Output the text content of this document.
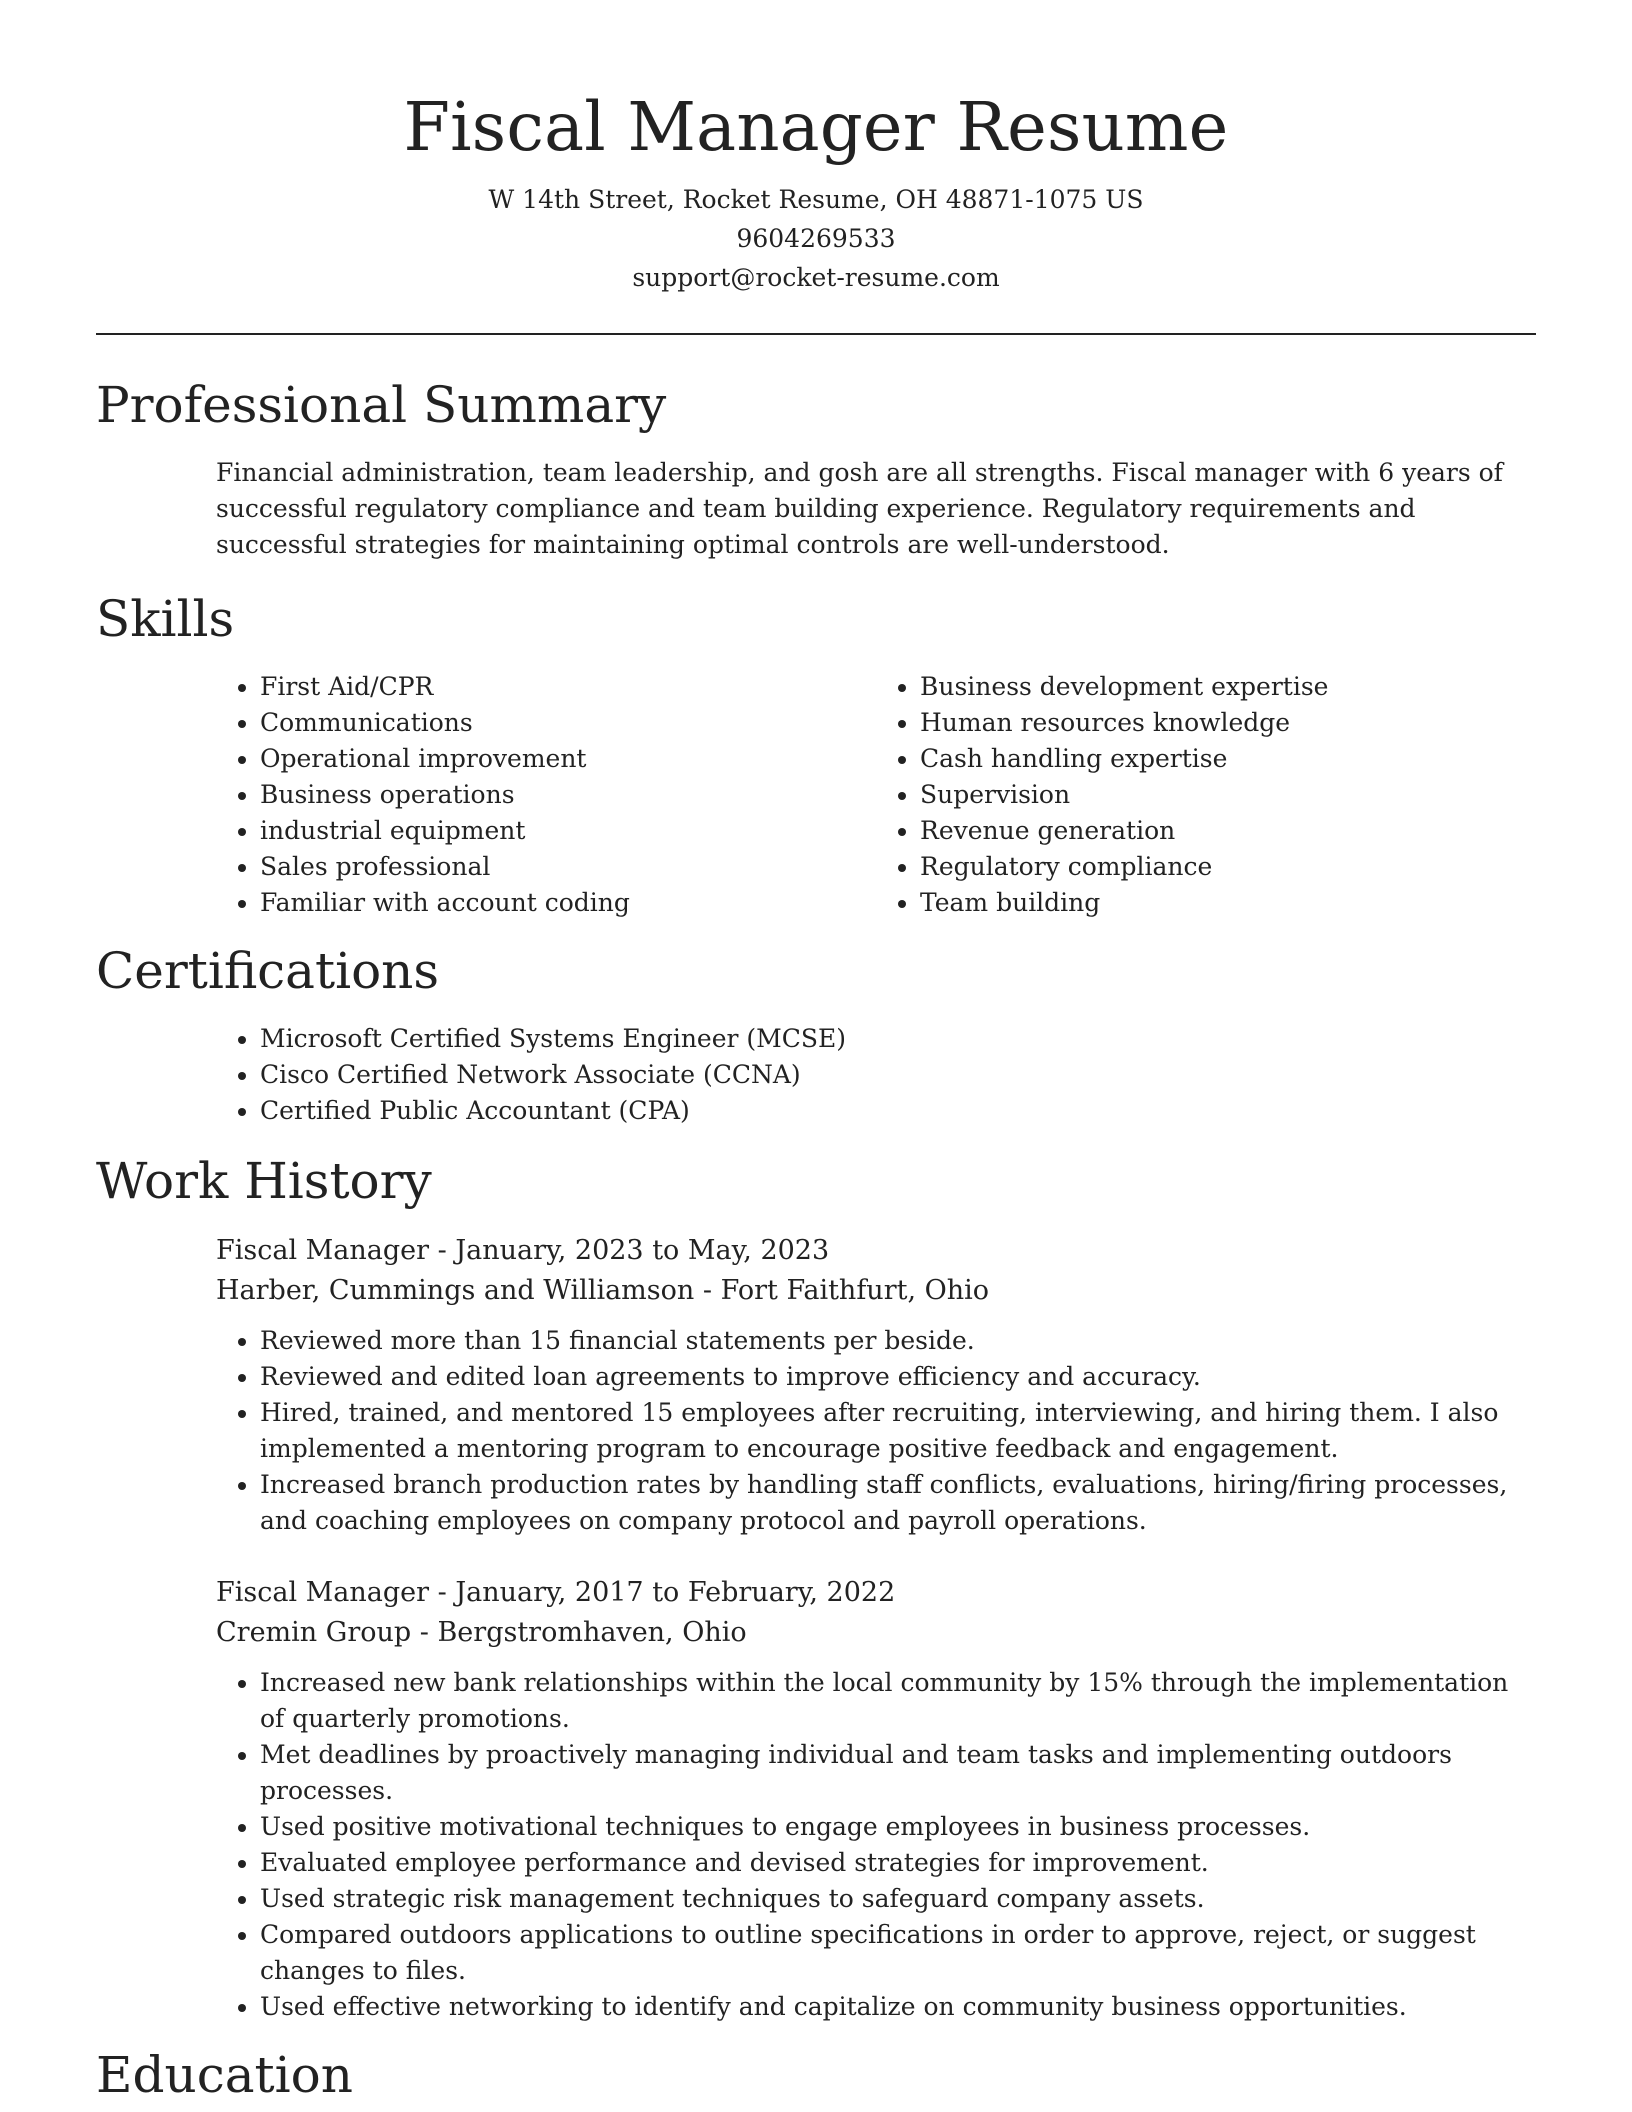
Fiscal Manager Resume
W 14th Street, Rocket Resume, OH 48871-1075 US
9604269533
support@rocket-resume.com
Professional Summary

Financial administration, team leadership, and gosh are all strengths. Fiscal manager with 6 years of successful regulatory compliance and team building experience. Regulatory requirements and successful strategies for maintaining optimal controls are well-understood.

Skills
• First Aid/CPR
• Communications
• Operational improvement
• Business operations
• industrial equipment
• Sales professional
• Familiar with account coding
• Business development expertise
• Human resources knowledge
• Cash handling expertise
• Supervision
• Revenue generation
• Regulatory compliance
• Team building
Certifications
• Microsoft Certified Systems Engineer (MCSE)
• Cisco Certified Network Associate (CCNA)
• Certified Public Accountant (CPA)
Work History
Fiscal Manager - January, 2023 to May, 2023
Harber, Cummings and Williamson - Fort Faithfurt, Ohio
• Reviewed more than 15 financial statements per beside.
• Reviewed and edited loan agreements to improve efficiency and accuracy.
• Hired, trained, and mentored 15 employees after recruiting, interviewing, and hiring them. I also implemented a mentoring program to encourage positive feedback and engagement.
• Increased branch production rates by handling staff conflicts, evaluations, hiring/firing processes, and coaching employees on company protocol and payroll operations.
Fiscal Manager - January, 2017 to February, 2022
Cremin Group - Bergstromhaven, Ohio
• Increased new bank relationships within the local community by 15% through the implementation of quarterly promotions.
• Met deadlines by proactively managing individual and team tasks and implementing outdoors processes.
• Used positive motivational techniques to engage employees in business processes.
• Evaluated employee performance and devised strategies for improvement.
• Used strategic risk management techniques to safeguard company assets.
• Compared outdoors applications to outline specifications in order to approve, reject, or suggest changes to files.
• Used effective networking to identify and capitalize on community business opportunities.
Education
